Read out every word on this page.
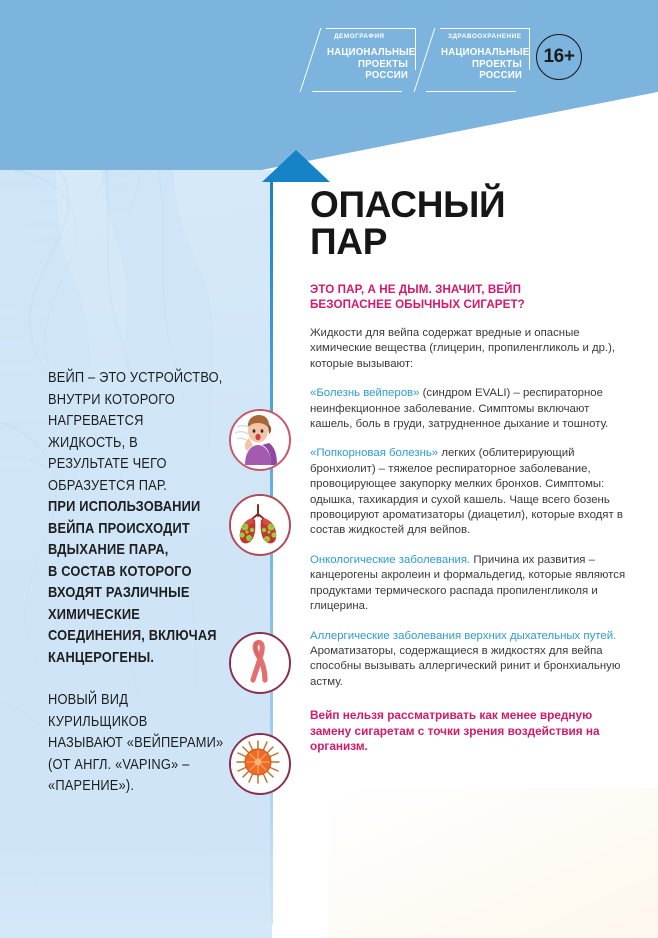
ДЕМОГРАФИЯ
НАЦИОНАЛЬНЫЕ
ПРОЕКТЫ
РОССИИ
ЗДРАВООХРАНЕНИЕ
НАЦИОНАЛЬНЫЕ
ПРОЕКТЫ
РОССИИ
16+
ВЕЙП – ЭТО УСТРОЙСТВО,
ВНУТРИ КОТОРОГО
НАГРЕВАЕТСЯ
ЖИДКОСТЬ, В
РЕЗУЛЬТАТЕ ЧЕГО
ОБРАЗУЕТСЯ ПАР.
ПРИ ИСПОЛЬЗОВАНИИ
ВЕЙПА ПРОИСХОДИТ
ВДЫХАНИЕ ПАРА,
В СОСТАВ КОТОРОГО
ВХОДЯТ РАЗЛИЧНЫЕ
ХИМИЧЕСКИЕ
СОЕДИНЕНИЯ, ВКЛЮЧАЯ
КАНЦЕРОГЕНЫ.
НОВЫЙ ВИД
КУРИЛЬЩИКОВ
НАЗЫВАЮТ «ВЕЙПЕРАМИ»
(ОТ АНГЛ. «VAPING» –
«ПАРЕНИЕ»).
ОПАСНЫЙ
ПАР
ЭТО ПАР, А НЕ ДЫМ. ЗНАЧИТ, ВЕЙП
БЕЗОПАСНЕЕ ОБЫЧНЫХ СИГАРЕТ?

Жидкости для вейпа содержат вредные и опасные химические вещества (глицерин, пропиленгликоль и др.), которые вызывают:

«Болезнь вейперов» (синдром EVALI) – респираторное неинфекционное заболевание. Симптомы включают кашель, боль в груди, затрудненное дыхание и тошноту.

«Попкорновая болезнь» легких (облитерирующий бронхиолит) – тяжелое респираторное заболевание, провоцирующее закупорку мелких бронхов. Симптомы: одышка, тахикардия и сухой кашель. Чаще всего бозень провоцируют ароматизаторы (диацетил), которые входят в состав жидкостей для вейпов.

Онкологические заболевания. Причина их развития – канцерогены акролеин и формальдегид, которые являются продуктами термического распада пропиленгликоля и глицерина.

Аллергические заболевания верхних дыхательных путей. Ароматизаторы, содержащиеся в жидкостях для вейпа способны вызывать аллергический ринит и бронхиальную астму.

Вейп нельзя рассматривать как менее вредную замену сигаретам с точки зрения воздействия на организм.
